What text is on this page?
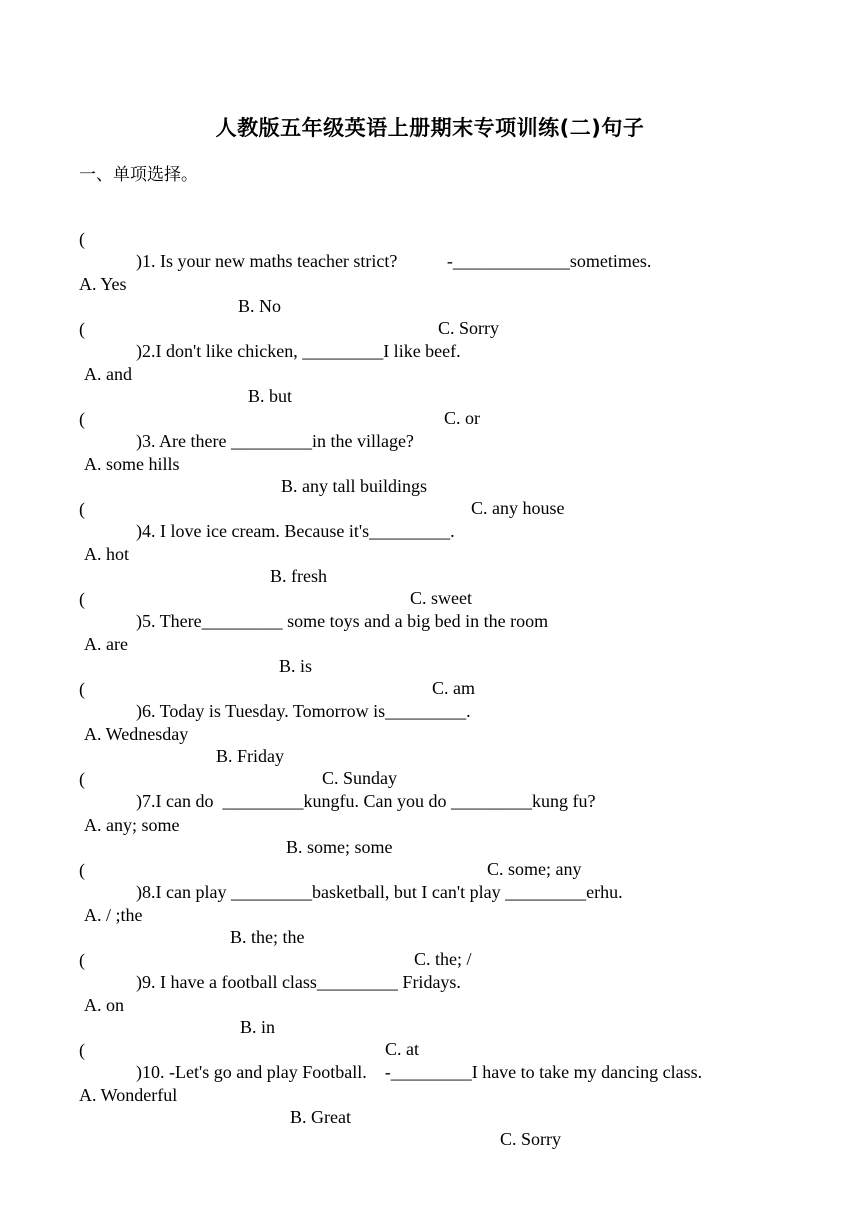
人教版五年级英语上册期末专项训练(二)句子
一、单项选择。

(

)1. Is your new maths teacher strict?           -_____________sometimes.

A. Yes

B. No

C. Sorry

(

)2.I don't like chicken, _________I like beef.

A. and

B. but

C. or

(

)3. Are there _________in the village?

A. some hills

B. any tall buildings

C. any house

(

)4. I love ice cream. Because it's_________.

A. hot

B. fresh

C. sweet

(

)5. There_________ some toys and a big bed in the room

A. are

B. is

C. am

(

)6. Today is Tuesday. Tomorrow is_________.

A. Wednesday

B. Friday

C. Sunday

(

)7.I can do  _________kungfu. Can you do _________kung fu?

A. any; some

B. some; some

C. some; any

(

)8.I can play _________basketball, but I can't play _________erhu.

A. / ;the

B. the; the

C. the; /

(

)9. I have a football class_________ Fridays.

A. on

B. in

C. at

(

)10. -Let's go and play Football.    -_________I have to take my dancing class.

A. Wonderful

B. Great

C. Sorry
